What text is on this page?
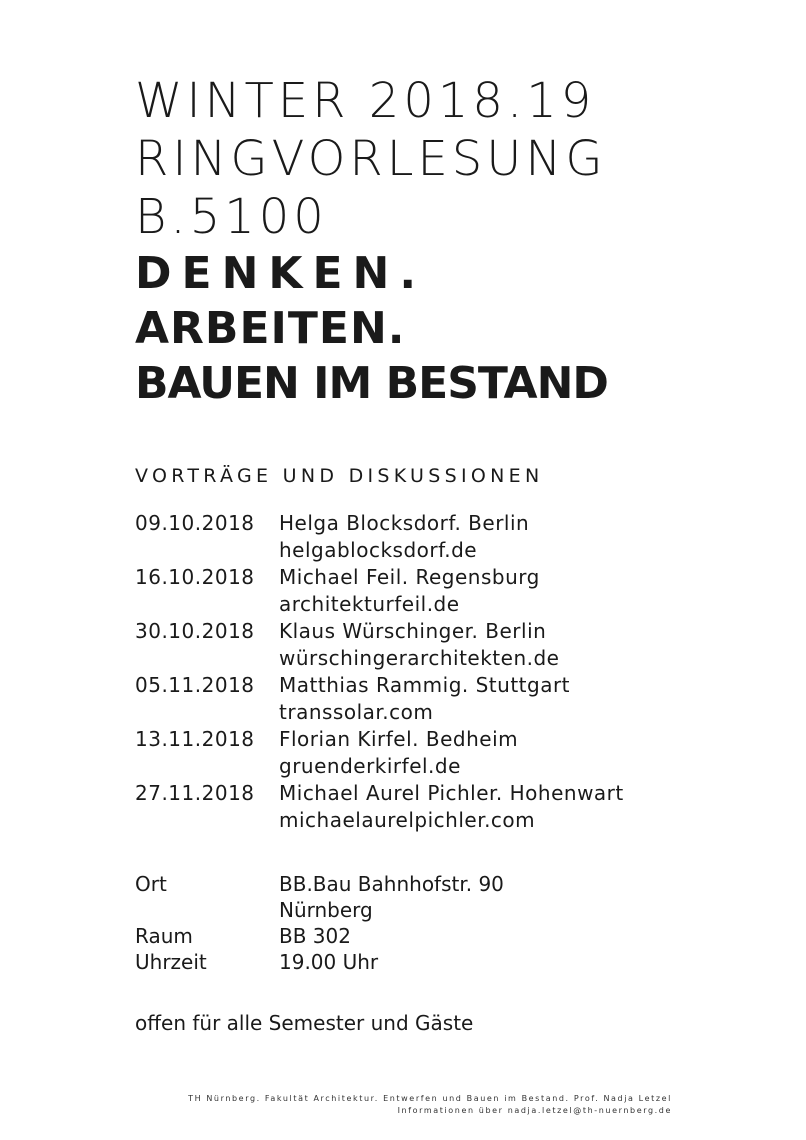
WINTER 2018.19
RINGVORLESUNG
B.5100
DENKEN.
ARBEITEN.
BAUEN IM BESTAND
VORTRÄGE UND DISKUSSIONEN
09.10.2018 Helga Blocksdorf. Berlin
helgablocksdorf.de
16.10.2018 Michael Feil. Regensburg
architekturfeil.de
30.10.2018 Klaus Würschinger. Berlin
würschingerarchitekten.de
05.11.2018 Matthias Rammig. Stuttgart
transsolar.com
13.11.2018 Florian Kirfel. Bedheim
gruenderkirfel.de
27.11.2018 Michael Aurel Pichler. Hohenwart
michaelaurelpichler.com
Ort	BB.Bau Bahnhofstr. 90
Nürnberg
Raum	BB 302
Uhrzeit	19.00 Uhr
offen für alle Semester und Gäste
TH Nürnberg. Fakultät Architektur. Entwerfen und Bauen im Bestand. Prof. Nadja Letzel
Informationen über nadja.letzel@th-nuernberg.de
